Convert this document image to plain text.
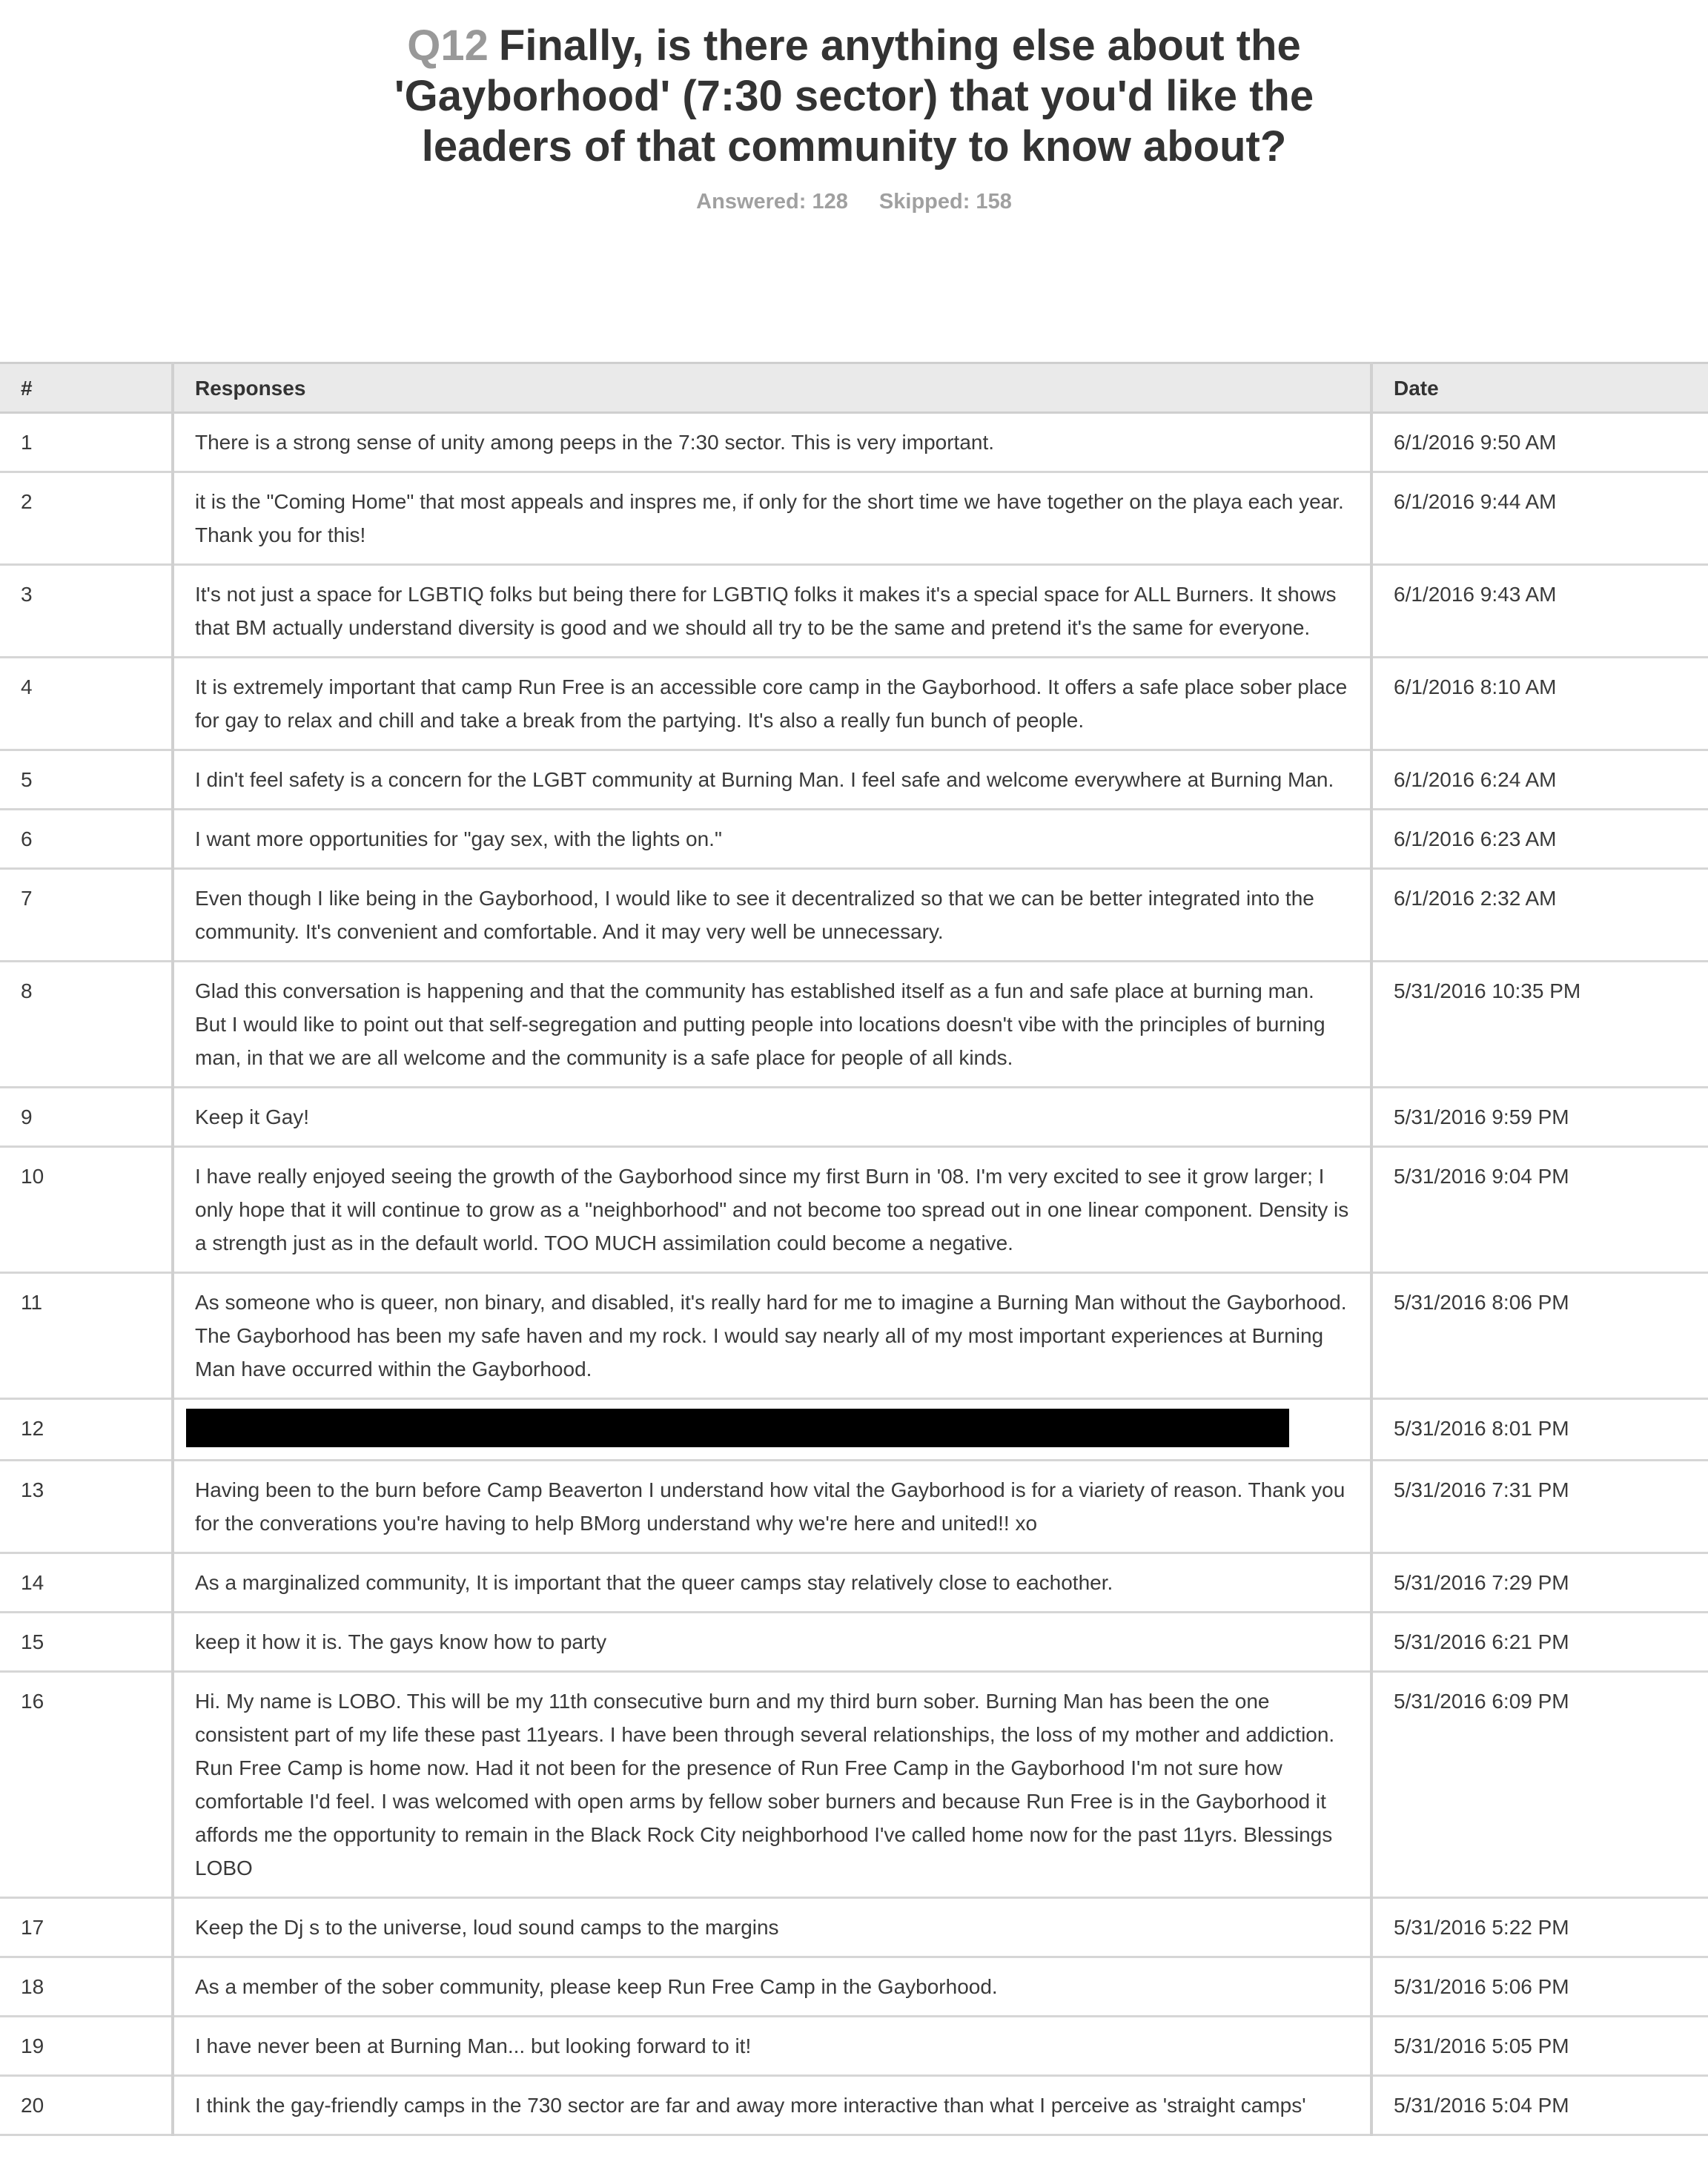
Q12 Finally, is there anything else about the 'Gayborhood' (7:30 sector) that you'd like the leaders of that community to know about?
Answered: 128 Skipped: 158
#	Responses	Date
1	There is a strong sense of unity among peeps in the 7:30 sector. This is very important.	6/1/2016 9:50 AM
2	it is the "Coming Home" that most appeals and inspres me, if only for the short time we have together on the playa each year. Thank you for this!	6/1/2016 9:44 AM
3	It's not just a space for LGBTIQ folks but being there for LGBTIQ folks it makes it's a special space for ALL Burners. It shows that BM actually understand diversity is good and we should all try to be the same and pretend it's the same for everyone.	6/1/2016 9:43 AM
4	It is extremely important that camp Run Free is an accessible core camp in the Gayborhood. It offers a safe place sober place for gay to relax and chill and take a break from the partying. It's also a really fun bunch of people.	6/1/2016 8:10 AM
5	I din't feel safety is a concern for the LGBT community at Burning Man. I feel safe and welcome everywhere at Burning Man.	6/1/2016 6:24 AM
6	I want more opportunities for "gay sex, with the lights on."	6/1/2016 6:23 AM
7	Even though I like being in the Gayborhood, I would like to see it decentralized so that we can be better integrated into the community. It's convenient and comfortable. And it may very well be unnecessary.	6/1/2016 2:32 AM
8	Glad this conversation is happening and that the community has established itself as a fun and safe place at burning man. But I would like to point out that self-segregation and putting people into locations doesn't vibe with the principles of burning man, in that we are all welcome and the community is a safe place for people of all kinds.	5/31/2016 10:35 PM
9	Keep it Gay!	5/31/2016 9:59 PM
10	I have really enjoyed seeing the growth of the Gayborhood since my first Burn in '08. I'm very excited to see it grow larger; I only hope that it will continue to grow as a "neighborhood" and not become too spread out in one linear component. Density is a strength just as in the default world. TOO MUCH assimilation could become a negative.	5/31/2016 9:04 PM
11	As someone who is queer, non binary, and disabled, it's really hard for me to imagine a Burning Man without the Gayborhood. The Gayborhood has been my safe haven and my rock. I would say nearly all of my most important experiences at Burning Man have occurred within the Gayborhood.	5/31/2016 8:06 PM
12		5/31/2016 8:01 PM
13	Having been to the burn before Camp Beaverton I understand how vital the Gayborhood is for a viariety of reason. Thank you for the converations you're having to help BMorg understand why we're here and united!! xo	5/31/2016 7:31 PM
14	As a marginalized community, It is important that the queer camps stay relatively close to eachother.	5/31/2016 7:29 PM
15	keep it how it is. The gays know how to party	5/31/2016 6:21 PM
16	Hi. My name is LOBO. This will be my 11th consecutive burn and my third burn sober. Burning Man has been the one consistent part of my life these past 11years. I have been through several relationships, the loss of my mother and addiction. Run Free Camp is home now. Had it not been for the presence of Run Free Camp in the Gayborhood I'm not sure how comfortable I'd feel. I was welcomed with open arms by fellow sober burners and because Run Free is in the Gayborhood it affords me the opportunity to remain in the Black Rock City neighborhood I've called home now for the past 11yrs. Blessings LOBO	5/31/2016 6:09 PM
17	Keep the Dj s to the universe, loud sound camps to the margins	5/31/2016 5:22 PM
18	As a member of the sober community, please keep Run Free Camp in the Gayborhood.	5/31/2016 5:06 PM
19	I have never been at Burning Man... but looking forward to it!	5/31/2016 5:05 PM
20	I think the gay-friendly camps in the 730 sector are far and away more interactive than what I perceive as 'straight camps'	5/31/2016 5:04 PM
